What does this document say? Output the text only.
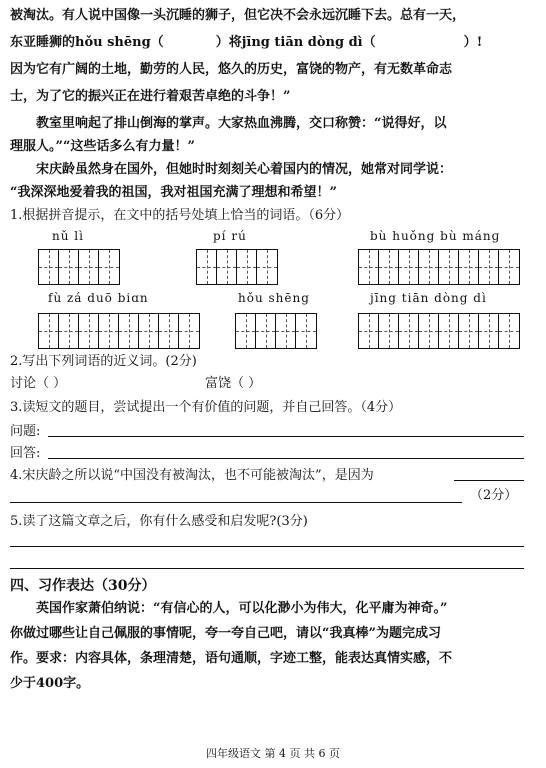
被淘汰。有人说中国像一头沉睡的狮子，但它决不会永远沉睡下去。总有一天，
东亚睡狮的hǒu shēng（	）将jīng tiān dòng dì（	）!
因为它有广阔的土地，勤劳的人民，悠久的历史，富饶的物产，有无数革命志
士，为了它的振兴正在进行着艰苦卓绝的斗争！”
教室里响起了排山倒海的掌声。大家热血沸腾，交口称赞：“说得好，以
理服人。”“这些话多么有力量！”
宋庆龄虽然身在国外，但她时时刻刻关心着国内的情况，她常对同学说：
“我深深地爱着我的祖国，我对祖国充满了理想和希望！”
1.根据拼音提示，在文中的括号处填上恰当的词语。（6分）
nǔ lì	pí rú	bù huǒng bù mánɡ
fù zá duō biɑn	hǒu shēng	jīng tiān dòng dì
2.写出下列词语的近义词。(2分)
讨论（ ）	富饶（ ）
3.读短文的题目，尝试提出一个有价值的问题，并自己回答。（4分）
问题:
回答:
4.宋庆龄之所以说“中国没有被淘汰，也不可能被淘汰”，是因为
（2分）
5.读了这篇文章之后，你有什么感受和启发呢?(3分)
四、习作表达（30分）
英国作家萧伯纳说：“有信心的人，可以化渺小为伟大，化平庸为神奇。”
你做过哪些让自己佩服的事情呢，夸一夸自己吧，请以“我真棒”为题完成习
作。要求：内容具体，条理清楚，语句通顺，字迹工整，能表达真情实感，不
少于400字。
四年级语文 第 4 页 共 6 页
